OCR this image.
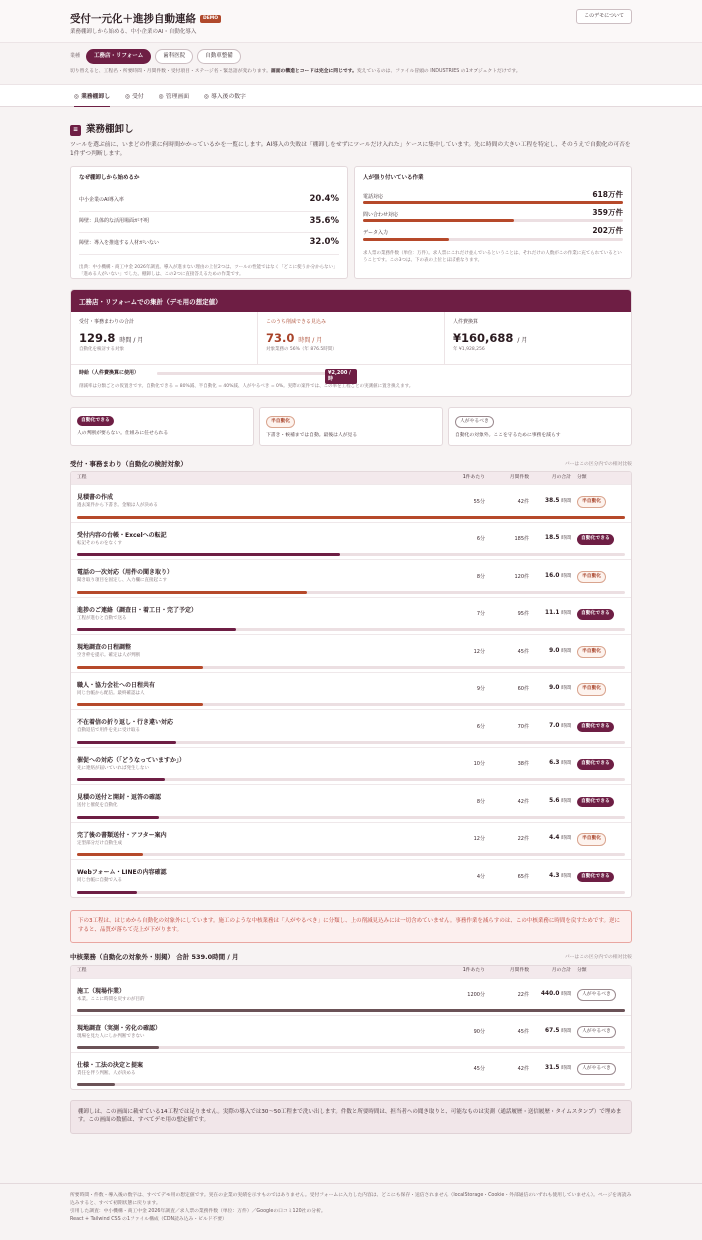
受付一元化＋進捗自動連絡	DEMO
業務棚卸しから始める、中小企業のAI・自動化導入
このデモについて
業種	工務店・リフォーム	歯科医院	自動車整備
切り替えると、工程名・所要時間・月間件数・受付項目・ステージ名・緊急語が変わります。画面の構造とコードは完全に同じです。変えているのは、ファイル冒頭の INDUSTRIES の1オブジェクトだけです。
◎ 業務棚卸し	◎ 受付	◎ 管理画面	◎ 導入後の数字
≡ 業務棚卸し
ツールを選ぶ前に、いまどの作業に何時間かかっているかを一覧にします。AI導入の失敗は「棚卸しをせずにツールだけ入れた」ケースに集中しています。先に時間の大きい工程を特定し、そのうえで自動化の可否を1件ずつ判断します。
なぜ棚卸しから始めるか
中小企業のAI導入率	20.4%
障壁：具体的な活用場面が不明	35.6%
障壁：導入を推進する人材がいない	32.0%
出典：中小機構・商工中金 2026年調査。導入が進まない理由の上位2つは、ツールの性能ではなく「どこに使うか分からない」「進める人がいない」でした。棚卸しは、この2つに直接答えるための作業です。
人が張り付いている作業
電話対応	618万件
問い合わせ対応	359万件
データ入力	202万件
求人票の業務件数（単位：万件）。求人票にこれだけ並んでいるということは、それだけの人数がこの作業に充てられているということです。この3つは、下の表の上位とほぼ重なります。
工務店・リフォームでの集計（デモ用の想定値）
受付・事務まわりの合計
129.8 時間 / 月
自動化を検討する対象
このうち削減できる見込み
73.0 時間 / 月
対象業務の 56%（年 876.5時間）
人件費換算
¥160,688 / 月
年 ¥1,928,256
時給（人件費換算に使用）	¥2,200 / 時
削減率は分類ごとの仮置きです。自動化できる = 80%減、半自動化 = 40%減、人がやるべき = 0%。実際の案件では、この率を工程ごとの実測値に置き換えます。
自動化できる
人の判断が要らない。仕組みに任せられる
半自動化
下書き・候補までは自動。最後は人が見る
人がやるべき
自動化の対象外。ここを守るために事務を減らす
受付・事務まわり（自動化の検討対象）	バーはこの区分内での相対比較
工程	1件あたり	月間件数	月の合計	分類
見積書の作成
過去案件から下書き。金額は人が決める
55分	42件	38.5 時間	半自動化
受付内容の台帳・Excelへの転記
転記そのものをなくす
6分	185件	18.5 時間	自動化できる
電話の一次対応（用件の聞き取り）
聞き取り項目を固定し、入力欄に直接起こす
8分	120件	16.0 時間	半自動化
進捗のご連絡（調査日・着工日・完了予定）
工程が進むと自動で送る
7分	95件	11.1 時間	自動化できる
現地調査の日程調整
空き枠を提示。確定は人が判断
12分	45件	9.0 時間	半自動化
職人・協力会社への日程共有
同じ台帳から配信。最終確認は人
9分	60件	9.0 時間	半自動化
不在着信の折り返し・行き違い対応
自動返信で用件を先に受け取る
6分	70件	7.0 時間	自動化できる
催促への対応（「どうなっていますか」）
先に連絡が届いていれば発生しない
10分	38件	6.3 時間	自動化できる
見積の送付と開封・返答の確認
送付と催促を自動化
8分	42件	5.6 時間	自動化できる
完了後の書類送付・アフター案内
定型部分だけ自動生成
12分	22件	4.4 時間	半自動化
Webフォーム・LINEの内容確認
同じ台帳に自動で入る
4分	65件	4.3 時間	自動化できる
下の3工程は、はじめから自動化の対象外にしています。施工のような中核業務は「人がやるべき」に分類し、上の削減見込みには一切含めていません。事務作業を減らすのは、この中核業務に時間を戻すためです。逆にすると、品質が落ちて売上が下がります。
中核業務（自動化の対象外・別掲） 合計 539.0時間 / 月	バーはこの区分内での相対比較
工程	1件あたり	月間件数	月の合計	分類
施工（現場作業）
本業。ここに時間を戻すのが目的
1200分	22件	440.0 時間	人がやるべき
現地調査（実測・劣化の確認）
現場を見た人にしか判断できない
90分	45件	67.5 時間	人がやるべき
仕様・工法の決定と提案
責任を伴う判断。人が決める
45分	42件	31.5 時間	人がやるべき
棚卸しは、この画面に載せている14工程では足りません。実際の導入では30〜50工程まで洗い出します。件数と所要時間は、担当者への聞き取りと、可能なものは実測（通話履歴・送信履歴・タイムスタンプ）で埋めます。この画面の数値は、すべてデモ用の想定値です。
所要時間・件数・導入後の数字は、すべてデモ用の想定値です。実在の企業の実績を示すものではありません。受付フォームに入力した内容は、どこにも保存・送信されません（localStorage・Cookie・外部通信のいずれも使用していません）。ページを再読み込みすると、すべて初期状態に戻ります。
引用した調査：中小機構・商工中金 2026年調査／求人票の業務件数（単位：万件）／Googleの口コミ120社の分析。
React + Tailwind CSS の1ファイル構成（CDN読み込み・ビルド不要）
